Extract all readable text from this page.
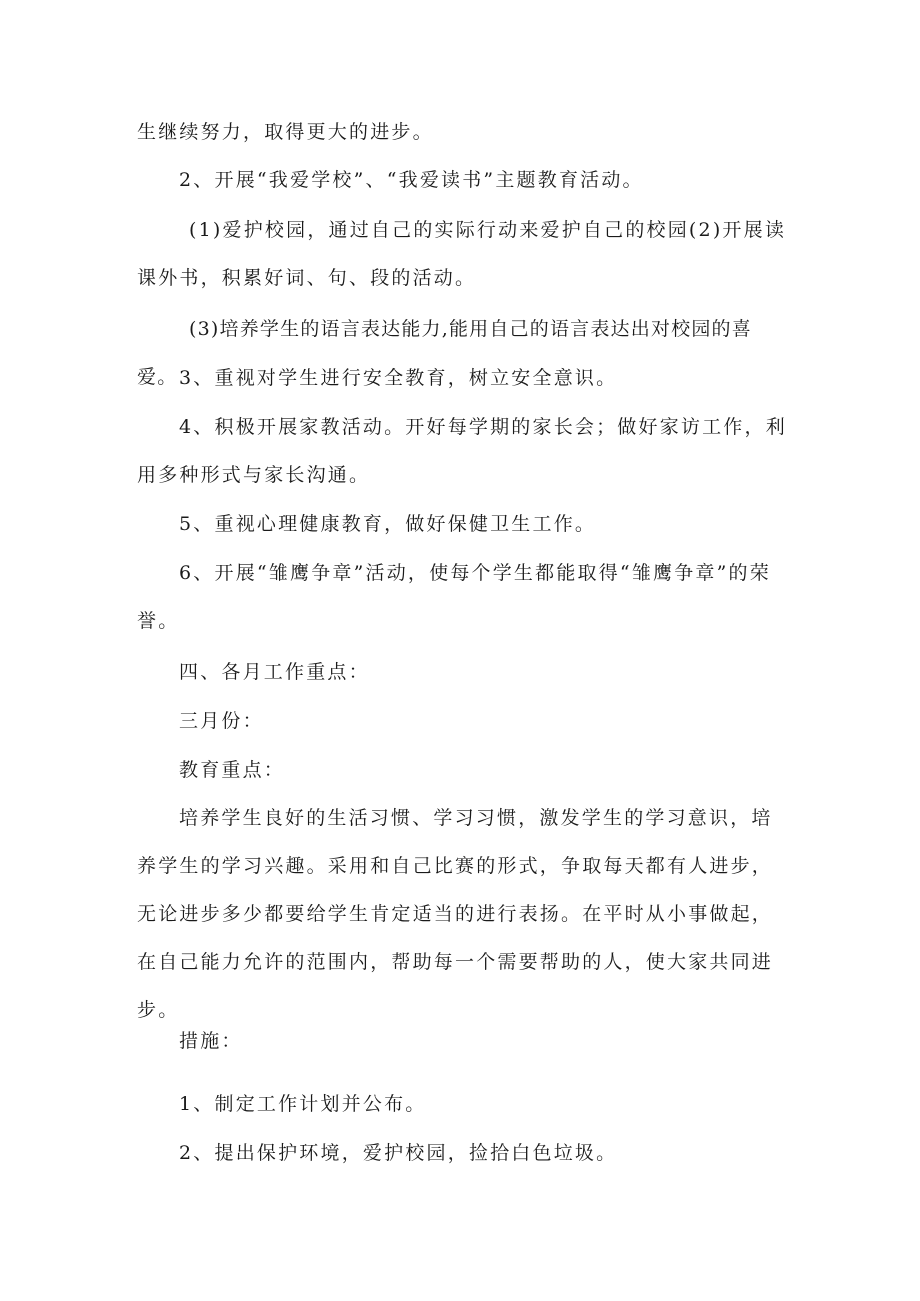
生继续努力，取得更大的进步。

2、开展“我爱学校”、“我爱读书”主题教育活动。

(1)爱护校园，通过自己的实际行动来爱护自己的校园(2)开展读课外书，积累好词、句、段的活动。

(3)培养学生的语言表达能力,能用自己的语言表达出对校园的喜爱。 3、重视对学生进行安全教育，树立安全意识。

4、积极开展家教活动。开好每学期的家长会；做好家访工作，利用多种形式与家长沟通。

5、重视心理健康教育，做好保健卫生工作。

6、开展“雏鹰争章”活动，使每个学生都能取得“雏鹰争章”的荣誉。

四、各月工作重点：

三月份：

教育重点：

培养学生良好的生活习惯、学习习惯，激发学生的学习意识，培养学生的学习兴趣。采用和自己比赛的形式，争取每天都有人进步，无论进步多少都要给学生肯定适当的进行表扬。在平时从小事做起，在自己能力允许的范围内，帮助每一个需要帮助的人，使大家共同进步。

措施：

1、制定工作计划并公布。

2、提出保护环境，爱护校园，捡拾白色垃圾。
